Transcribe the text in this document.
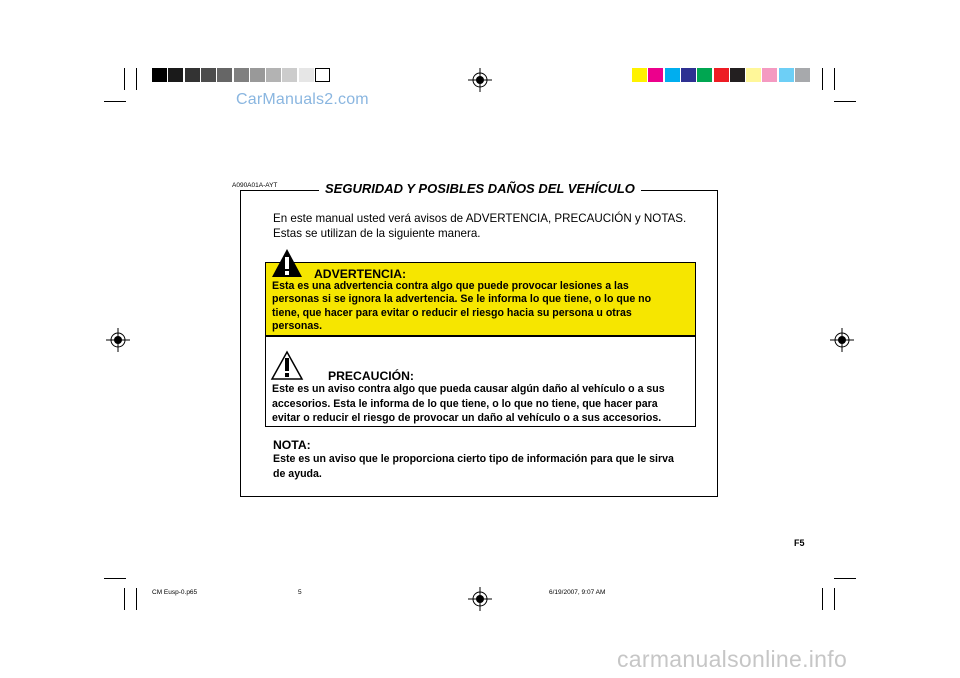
CarManuals2.com
A090A01A-AYT	SEGURIDAD Y POSIBLES DAÑOS DEL VEHÍCULO
En este manual usted verá avisos de ADVERTENCIA, PRECAUCIÓN y NOTAS.
Estas se utilizan de la siguiente manera.
ADVERTENCIA:
Esta es una advertencia contra algo que puede provocar lesiones a las
personas si se ignora la advertencia. Se le informa lo que tiene, o lo que no
tiene, que hacer para evitar o reducir el riesgo hacia su persona u otras
personas.
PRECAUCIÓN:
Este es un aviso contra algo que pueda causar algún daño al vehículo o a sus
accesorios. Esta le informa de lo que tiene, o lo que no tiene, que hacer para
evitar o reducir el riesgo de provocar un daño al vehículo o a sus accesorios.
NOTA:
Este es un aviso que le proporciona cierto tipo de información para que le sirva
de ayuda.
F5
CM Eusp-0.p65	5	6/19/2007, 9:07 AM
carmanualsonline.info
